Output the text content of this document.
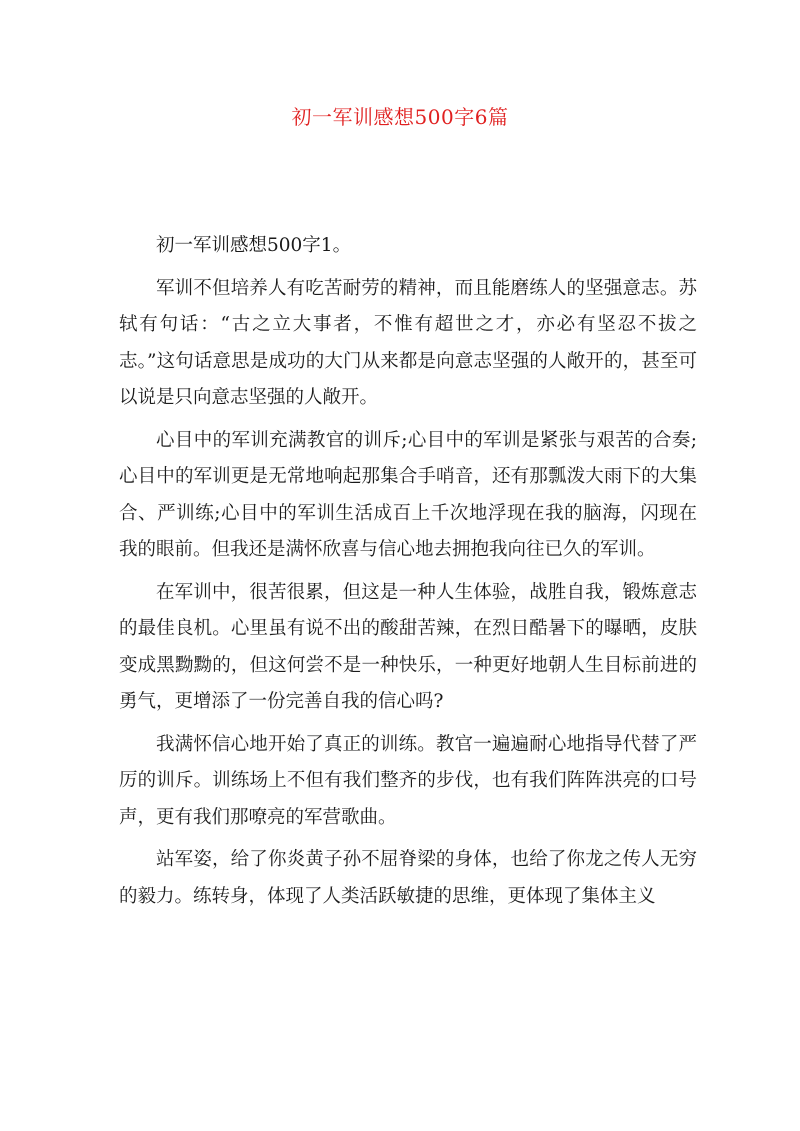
初一军训感想500字6篇

初一军训感想500字1。

军训不但培养人有吃苦耐劳的精神，而且能磨练人的坚强意志。苏轼有句话：“古之立大事者，不惟有超世之才，亦必有坚忍不拔之志。”这句话意思是成功的大门从来都是向意志坚强的人敞开的，甚至可以说是只向意志坚强的人敞开。

心目中的军训充满教官的训斥;心目中的军训是紧张与艰苦的合奏;心目中的军训更是无常地响起那集合手哨音，还有那瓢泼大雨下的大集合、严训练;心目中的军训生活成百上千次地浮现在我的脑海，闪现在我的眼前。但我还是满怀欣喜与信心地去拥抱我向往已久的军训。

在军训中，很苦很累，但这是一种人生体验，战胜自我，锻炼意志的最佳良机。心里虽有说不出的酸甜苦辣，在烈日酷暑下的曝晒，皮肤变成黑黝黝的，但这何尝不是一种快乐，一种更好地朝人生目标前进的勇气，更增添了一份完善自我的信心吗?

我满怀信心地开始了真正的训练。教官一遍遍耐心地指导代替了严厉的训斥。训练场上不但有我们整齐的步伐，也有我们阵阵洪亮的口号声，更有我们那嘹亮的军营歌曲。

站军姿，给了你炎黄子孙不屈脊梁的身体，也给了你龙之传人无穷的毅力。练转身，体现了人类活跃敏捷的思维，更体现了集体主义
